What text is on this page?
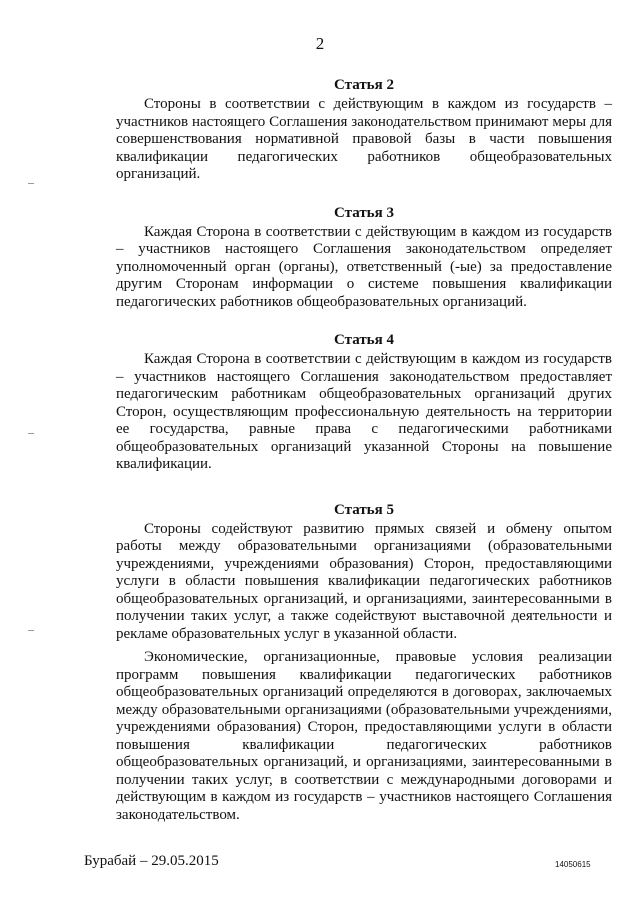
2
Статья 2

Стороны в соответствии с действующим в каждом из государств – участников настоящего Соглашения законодательством принимают меры для совершенствования нормативной правовой базы в части повышения квалификации педагогических работников общеобразовательных организаций.

Статья 3

Каждая Сторона в соответствии с действующим в каждом из государств – участников настоящего Соглашения законодательством определяет уполномоченный орган (органы), ответственный (-ые) за предоставление другим Сторонам информации о системе повышения квалификации педагогических работников общеобразовательных организаций.

Статья 4

Каждая Сторона в соответствии с действующим в каждом из государств – участников настоящего Соглашения законодательством предоставляет педагогическим работникам общеобразовательных организаций других Сторон, осуществляющим профессиональную деятельность на территории ее государства, равные права с педагогическими работниками общеобразовательных организаций указанной Стороны на повышение квалификации.

Статья 5

Стороны содействуют развитию прямых связей и обмену опытом работы между образовательными организациями (образовательными учреждениями, учреждениями образования) Сторон, предоставляющими услуги в области повышения квалификации педагогических работников общеобразовательных организаций, и организациями, заинтересованными в получении таких услуг, а также содействуют выставочной деятельности и рекламе образовательных услуг в указанной области.

Экономические, организационные, правовые условия реализации программ повышения квалификации педагогических работников общеобразовательных организаций определяются в договорах, заключаемых между образовательными организациями (образовательными учреждениями, учреждениями образования) Сторон, предоставляющими услуги в области повышения квалификации педагогических работников общеобразовательных организаций, и организациями, заинтересованными в получении таких услуг, в соответствии с международными договорами и действующим в каждом из государств – участников настоящего Соглашения законодательством.

Бурабай – 29.05.2015	14050615
